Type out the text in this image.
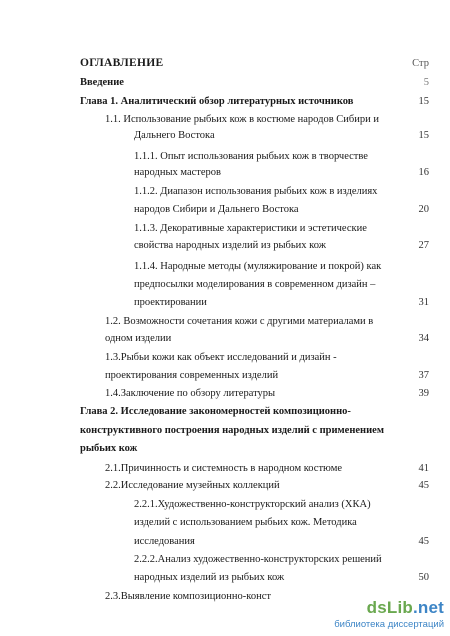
ОГЛАВЛЕНИЕ	Стр
Введение	5
Глава 1. Аналитический обзор литературных источников	15
1.1. Использование рыбьих кож в костюме народов Сибири и
Дальнего Востока	15
1.1.1. Опыт использования рыбьих кож в творчестве
народных мастеров	16
1.1.2. Диапазон использования рыбьих кож в изделиях
народов Сибири и Дальнего Востока	20
1.1.3. Декоративные характеристики и эстетические
свойства народных изделий из рыбьих кож	27
1.1.4. Народные методы (муляжирование и покрой) как
предпосылки моделирования в современном дизайн –
проектировании	31
1.2. Возможности сочетания кожи с другими материалами в
одном изделии	34
1.3.Рыбьи кожи как объект исследований и дизайн -
проектирования современных изделий	37
1.4.Заключение по обзору литературы	39
Глава 2. Исследование закономерностей композиционно-
конструктивного построения народных изделий с применением
рыбьих кож
2.1.Причинность и системность в народном костюме	41
2.2.Исследование музейных коллекций	45
2.2.1.Художественно-конструкторский анализ (ХКА)
изделий с использованием рыбьих кож. Методика
исследования	45
2.2.2.Анализ художественно-конструкторских решений
народных изделий из рыбьих кож	50
2.3.Выявление композиционно-конст
dsLib.net
библиотека диссертаций
